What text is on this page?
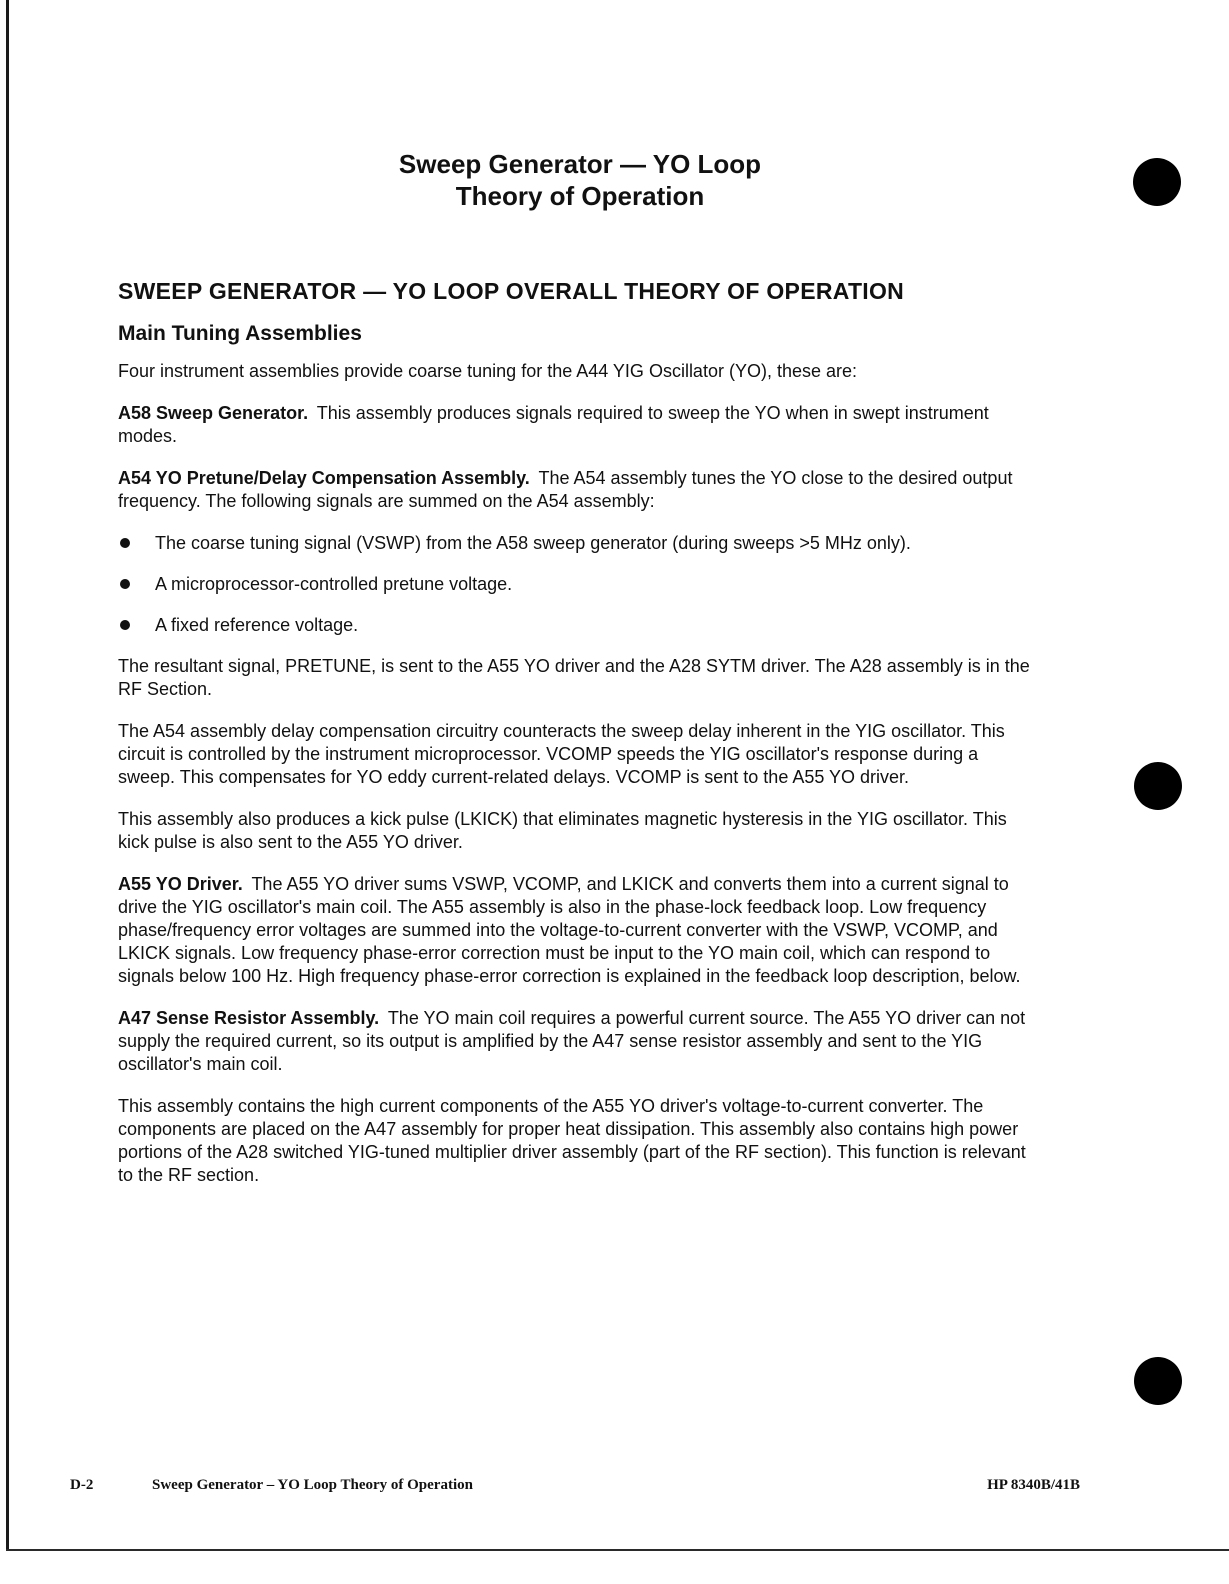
Sweep Generator — YO Loop
Theory of Operation
SWEEP GENERATOR — YO LOOP OVERALL THEORY OF OPERATION
Main Tuning Assemblies

Four instrument assemblies provide coarse tuning for the A44 YIG Oscillator (YO), these are:

A58 Sweep Generator. This assembly produces signals required to sweep the YO when in swept instrument modes.

A54 YO Pretune/Delay Compensation Assembly. The A54 assembly tunes the YO close to the desired output frequency. The following signals are summed on the A54 assembly:

The coarse tuning signal (VSWP) from the A58 sweep generator (during sweeps >5 MHz only).
A microprocessor-controlled pretune voltage.
A fixed reference voltage.

The resultant signal, PRETUNE, is sent to the A55 YO driver and the A28 SYTM driver. The A28 assembly is in the RF Section.

The A54 assembly delay compensation circuitry counteracts the sweep delay inherent in the YIG oscillator. This circuit is controlled by the instrument microprocessor. VCOMP speeds the YIG oscillator's response during a sweep. This compensates for YO eddy current-related delays. VCOMP is sent to the A55 YO driver.

This assembly also produces a kick pulse (LKICK) that eliminates magnetic hysteresis in the YIG oscillator. This kick pulse is also sent to the A55 YO driver.

A55 YO Driver. The A55 YO driver sums VSWP, VCOMP, and LKICK and converts them into a current signal to drive the YIG oscillator's main coil. The A55 assembly is also in the phase-lock feedback loop. Low frequency phase/frequency error voltages are summed into the voltage-to-current converter with the VSWP, VCOMP, and LKICK signals. Low frequency phase-error correction must be input to the YO main coil, which can respond to signals below 100 Hz. High frequency phase-error correction is explained in the feedback loop description, below.

A47 Sense Resistor Assembly. The YO main coil requires a powerful current source. The A55 YO driver can not supply the required current, so its output is amplified by the A47 sense resistor assembly and sent to the YIG oscillator's main coil.

This assembly contains the high current components of the A55 YO driver's voltage-to-current converter. The components are placed on the A47 assembly for proper heat dissipation. This assembly also contains high power portions of the A28 switched YIG-tuned multiplier driver assembly (part of the RF section). This function is relevant to the RF section.

D-2	Sweep Generator – YO Loop Theory of Operation	HP 8340B/41B
